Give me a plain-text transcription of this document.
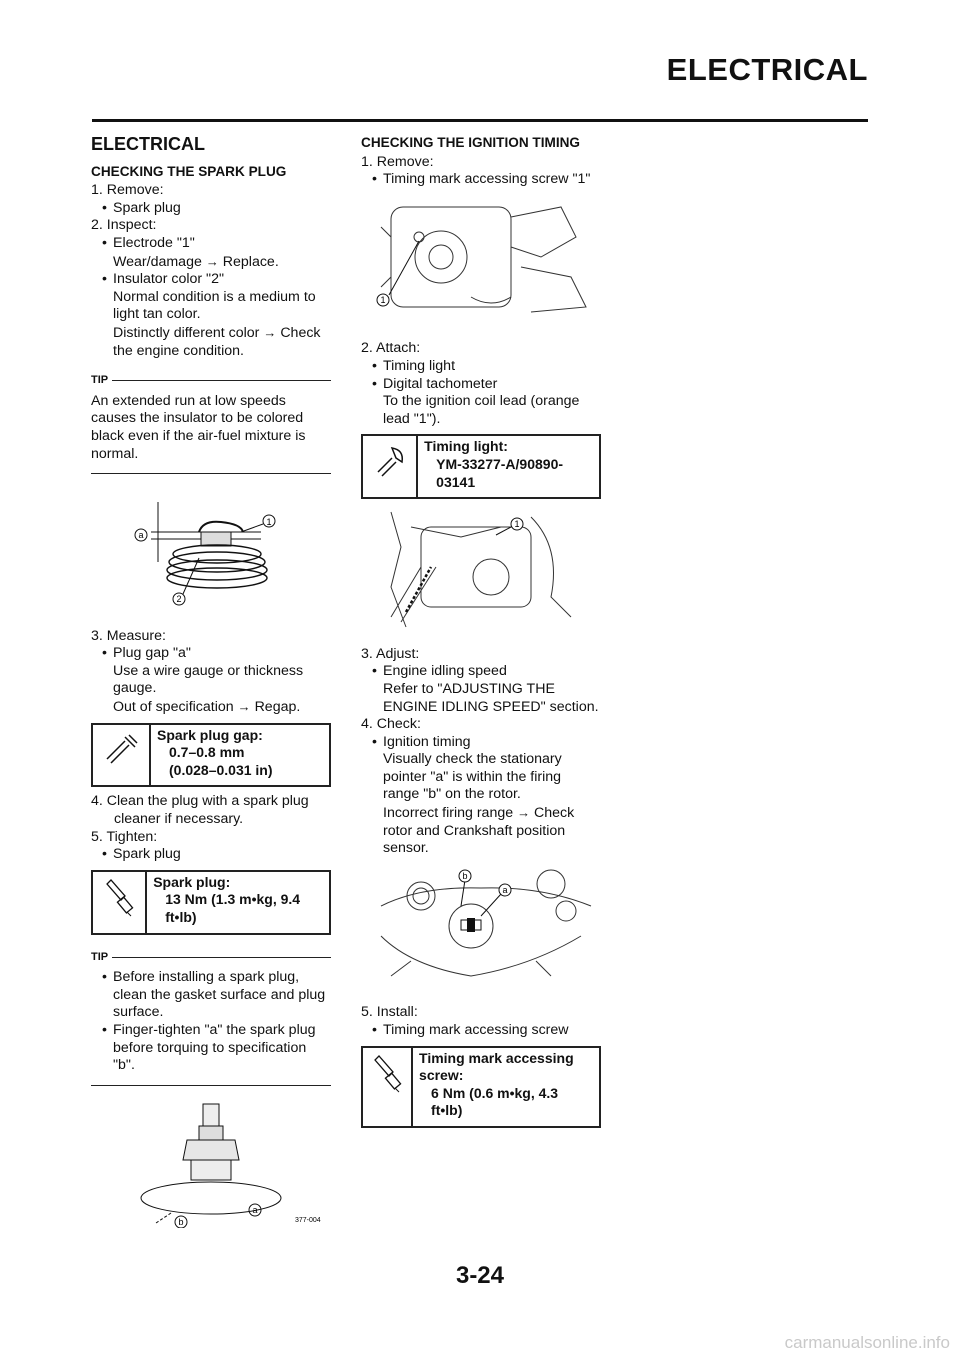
ELECTRICAL
ELECTRICAL
CHECKING THE SPARK PLUG
1. Remove:
• Spark plug
2. Inspect:
• Electrode "1"
Wear/damage → Replace.
• Insulator color "2"
Normal condition is a medium to light tan color.
Distinctly different color → Check the engine condition.
TIP
An extended run at low speeds causes the insulator to be colored black even if the air-fuel mixture is normal.
1
a
2
3. Measure:
• Plug gap "a"
Use a wire gauge or thickness gauge.
Out of specification → Regap.
Spark plug gap:
0.7–0.8 mm
(0.028–0.031 in)
4. Clean the plug with a spark plug cleaner if necessary.
5. Tighten:
• Spark plug
Spark plug:
13 Nm (1.3 m•kg, 9.4 ft•lb)
TIP
• Before installing a spark plug, clean the gasket surface and plug surface.
• Finger-tighten "a" the spark plug before torquing to specification "b".
b
a
377-004
CHECKING THE IGNITION TIMING
1. Remove:
• Timing mark accessing screw "1"
1
2. Attach:
• Timing light
• Digital tachometer
To the ignition coil lead (orange lead "1").
Timing light:
YM-33277-A/90890-03141
1
3. Adjust:
• Engine idling speed
Refer to "ADJUSTING THE ENGINE IDLING SPEED" section.
4. Check:
• Ignition timing
Visually check the stationary pointer "a" is within the firing range "b" on the rotor.
Incorrect firing range → Check rotor and Crankshaft position sensor.
b
a
5. Install:
• Timing mark accessing screw
Timing mark accessing screw:
6 Nm (0.6 m•kg, 4.3 ft•lb)
3-24
carmanualsonline.info
